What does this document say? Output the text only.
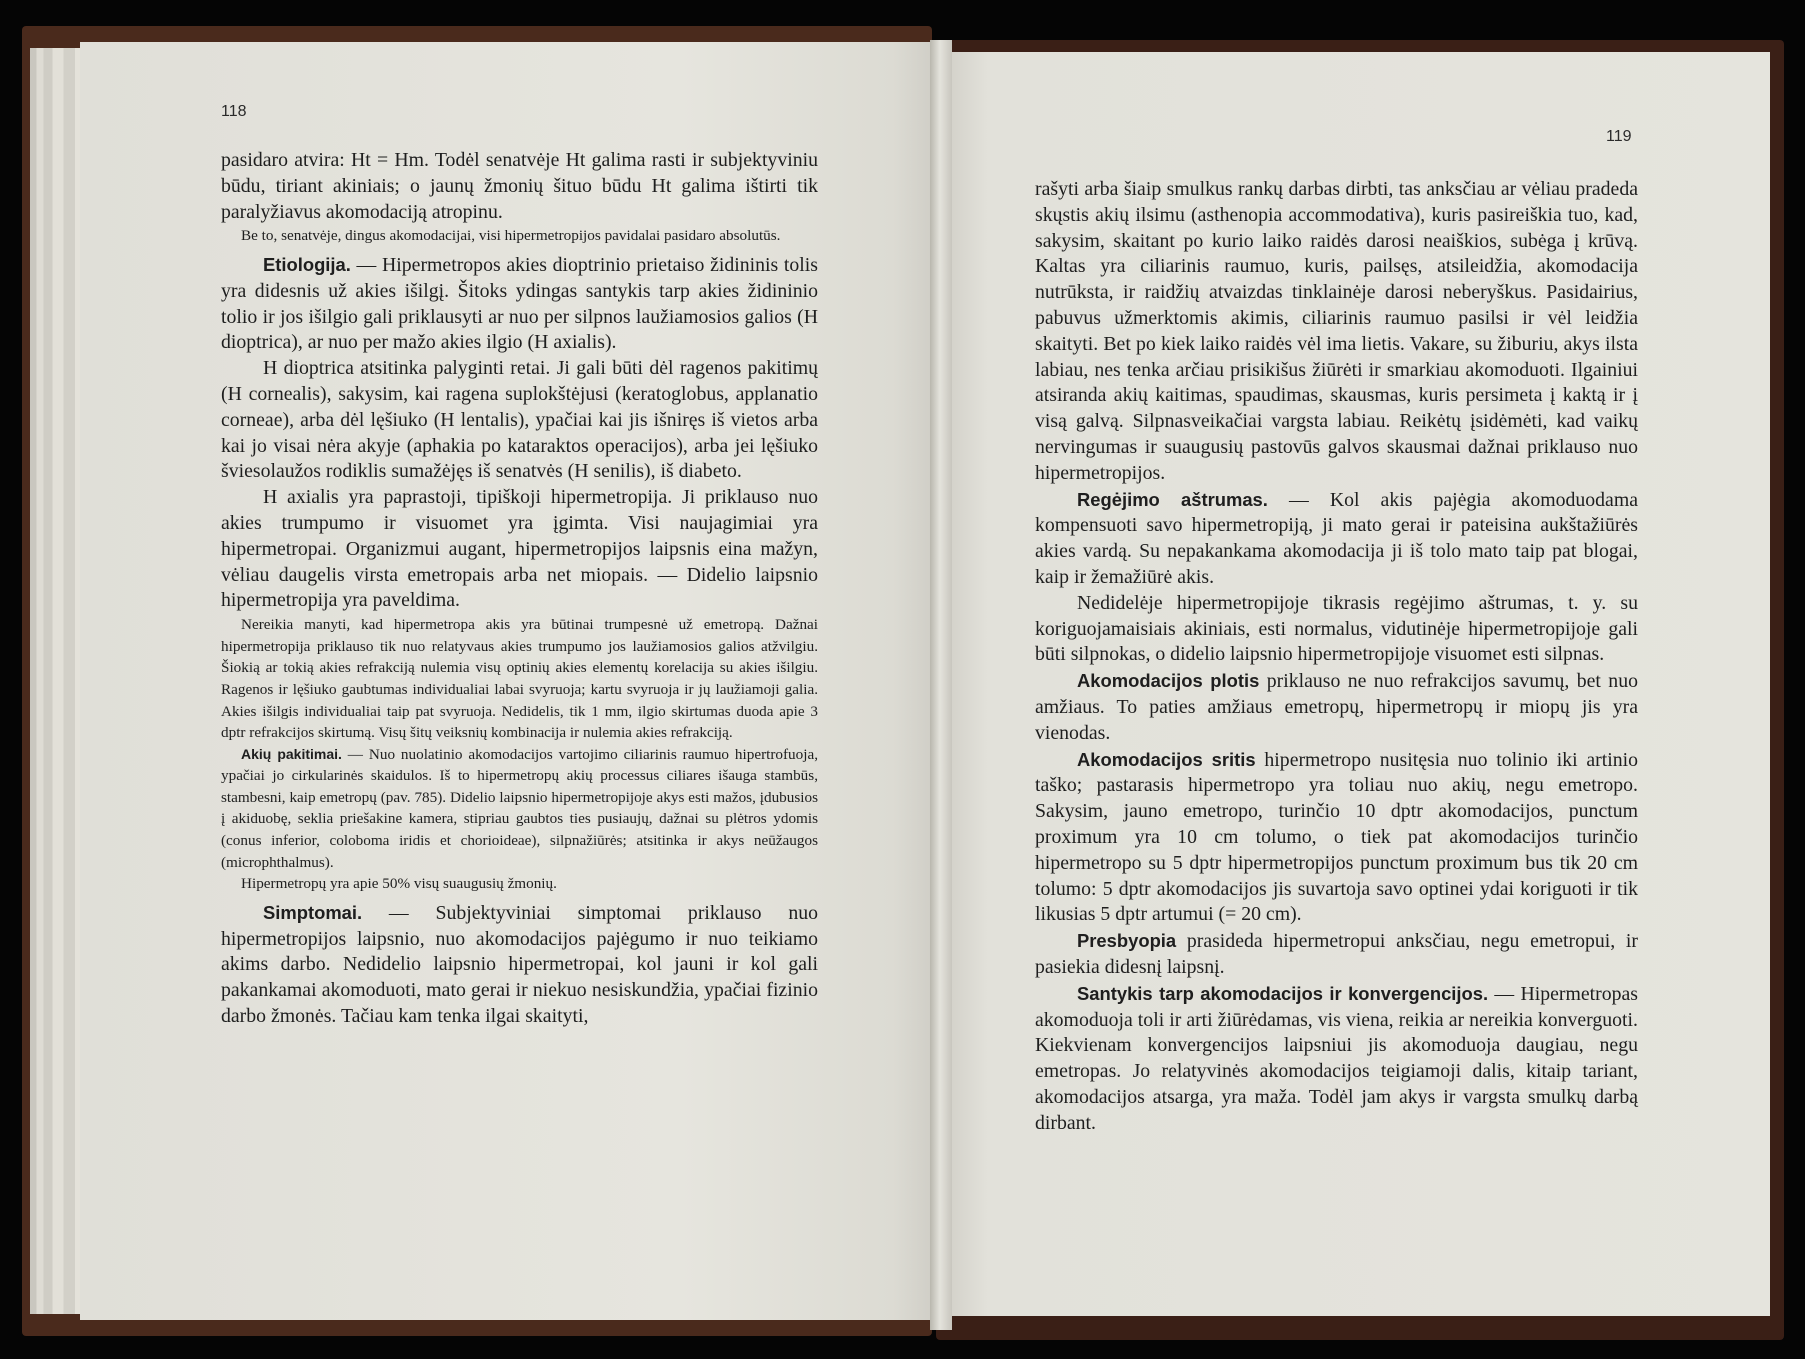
118
119

pasidaro atvira: Ht = Hm. Todėl senatvėje Ht galima rasti ir subjektyviniu būdu, tiriant akiniais; o jaunų žmonių šituo būdu Ht galima ištirti tik paralyžiavus akomodaciją atropinu.

Be to, senatvėje, dingus akomodacijai, visi hipermetropijos pavidalai pasidaro absolutūs.

Etiologija. — Hipermetropos akies dioptrinio prietaiso židininis tolis yra didesnis už akies išilgį. Šitoks ydingas santykis tarp akies židininio tolio ir jos išilgio gali priklausyti ar nuo per silpnos laužiamosios galios (H dioptrica), ar nuo per mažo akies ilgio (H axialis).

H dioptrica atsitinka palyginti retai. Ji gali būti dėl ragenos pakitimų (H cornealis), sakysim, kai ragena suplokštėjusi (keratoglobus, applanatio corneae), arba dėl lęšiuko (H lentalis), ypačiai kai jis išniręs iš vietos arba kai jo visai nėra akyje (aphakia po kataraktos operacijos), arba jei lęšiuko šviesolaužos rodiklis sumažėjęs iš senatvės (H senilis), iš diabeto.

H axialis yra paprastoji, tipiškoji hipermetropija. Ji priklauso nuo akies trumpumo ir visuomet yra įgimta. Visi naujagimiai yra hipermetropai. Organizmui augant, hipermetropijos laipsnis eina mažyn, vėliau daugelis virsta emetropais arba net miopais. — Didelio laipsnio hipermetropija yra paveldima.

Nereikia manyti, kad hipermetropa akis yra būtinai trumpesnė už emetropą. Dažnai hipermetropija priklauso tik nuo relatyvaus akies trumpumo jos laužiamosios galios atžvilgiu. Šiokią ar tokią akies refrakciją nulemia visų optinių akies elementų korelacija su akies išilgiu. Ragenos ir lęšiuko gaubtumas individualiai labai svyruoja; kartu svyruoja ir jų laužiamoji galia. Akies išilgis individualiai taip pat svyruoja. Nedidelis, tik 1 mm, ilgio skirtumas duoda apie 3 dptr refrakcijos skirtumą. Visų šitų veiksnių kombinacija ir nulemia akies refrakciją.

Akių pakitimai. — Nuo nuolatinio akomodacijos vartojimo ciliarinis raumuo hipertrofuoja, ypačiai jo cirkularinės skaidulos. Iš to hipermetropų akių processus ciliares išauga stambūs, stambesni, kaip emetropų (pav. 785). Didelio laipsnio hipermetropijoje akys esti mažos, įdubusios į akiduobę, seklia priešakine kamera, stipriau gaubtos ties pusiaujų, dažnai su plėtros ydomis (conus inferior, coloboma iridis et chorioideae), silpnažiūrės; atsitinka ir akys neūžaugos (microphthalmus).

Hipermetropų yra apie 50% visų suaugusių žmonių.

Simptomai. — Subjektyviniai simptomai priklauso nuo hipermetropijos laipsnio, nuo akomodacijos pajėgumo ir nuo teikiamo akims darbo. Nedidelio laipsnio hipermetropai, kol jauni ir kol gali pakankamai akomoduoti, mato gerai ir niekuo nesiskundžia, ypačiai fizinio darbo žmonės. Tačiau kam tenka ilgai skaityti,

rašyti arba šiaip smulkus rankų darbas dirbti, tas anksčiau ar vėliau pradeda skųstis akių ilsimu (asthenopia accommodativa), kuris pasireiškia tuo, kad, sakysim, skaitant po kurio laiko raidės darosi neaiškios, subėga į krūvą. Kaltas yra ciliarinis raumuo, kuris, pailsęs, atsileidžia, akomodacija nutrūksta, ir raidžių atvaizdas tinklainėje darosi neberyškus. Pasidairius, pabuvus užmerktomis akimis, ciliarinis raumuo pasilsi ir vėl leidžia skaityti. Bet po kiek laiko raidės vėl ima lietis. Vakare, su žiburiu, akys ilsta labiau, nes tenka arčiau prisikišus žiūrėti ir smarkiau akomoduoti. Ilgainiui atsiranda akių kaitimas, spaudimas, skausmas, kuris persimeta į kaktą ir į visą galvą. Silpnasveikačiai vargsta labiau. Reikėtų įsidėmėti, kad vaikų nervingumas ir suaugusių pastovūs galvos skausmai dažnai priklauso nuo hipermetropijos.

Regėjimo aštrumas. — Kol akis pajėgia akomoduodama kompensuoti savo hipermetropiją, ji mato gerai ir pateisina aukštažiūrės akies vardą. Su nepakankama akomodacija ji iš tolo mato taip pat blogai, kaip ir žemažiūrė akis.

Nedidelėje hipermetropijoje tikrasis regėjimo aštrumas, t. y. su koriguojamaisiais akiniais, esti normalus, vidutinėje hipermetropijoje gali būti silpnokas, o didelio laipsnio hipermetropijoje visuomet esti silpnas.

Akomodacijos plotis priklauso ne nuo refrakcijos savumų, bet nuo amžiaus. To paties amžiaus emetropų, hipermetropų ir miopų jis yra vienodas.

Akomodacijos sritis hipermetropo nusitęsia nuo tolinio iki artinio taško; pastarasis hipermetropo yra toliau nuo akių, negu emetropo. Sakysim, jauno emetropo, turinčio 10 dptr akomodacijos, punctum proximum yra 10 cm tolumo, o tiek pat akomodacijos turinčio hipermetropo su 5 dptr hipermetropijos punctum proximum bus tik 20 cm tolumo: 5 dptr akomodacijos jis suvartoja savo optinei ydai koriguoti ir tik likusias 5 dptr artumui (= 20 cm).

Presbyopia prasideda hipermetropui anksčiau, negu emetropui, ir pasiekia didesnį laipsnį.

Santykis tarp akomodacijos ir konvergencijos. — Hipermetropas akomoduoja toli ir arti žiūrėdamas, vis viena, reikia ar nereikia konverguoti. Kiekvienam konvergencijos laipsniui jis akomoduoja daugiau, negu emetropas. Jo relatyvinės akomodacijos teigiamoji dalis, kitaip tariant, akomodacijos atsarga, yra maža. Todėl jam akys ir vargsta smulkų darbą dirbant.
